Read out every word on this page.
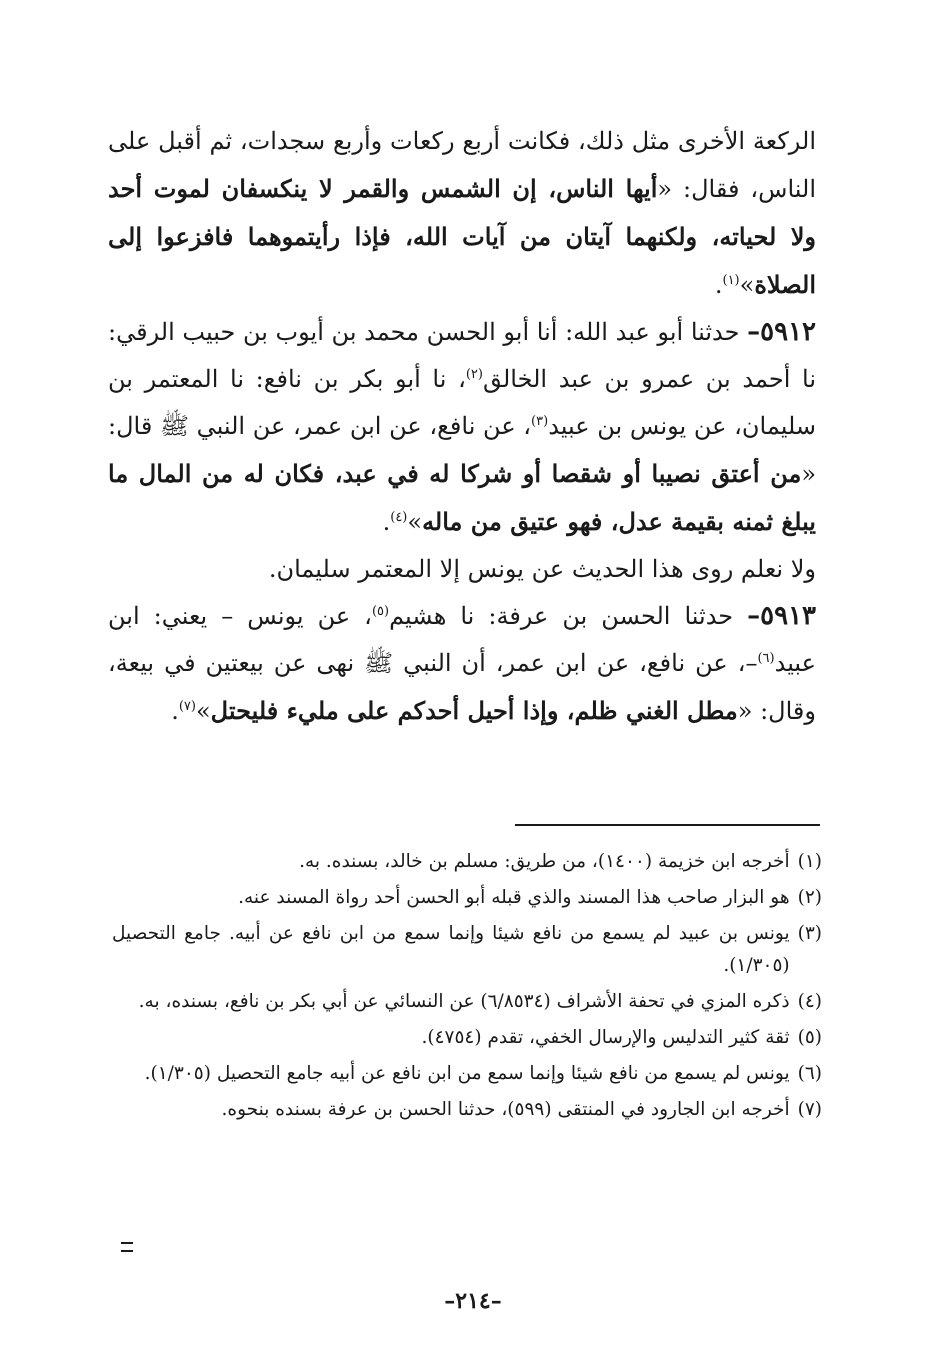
الركعة الأخرى مثل ذلك، فكانت أربع ركعات وأربع سجدات، ثم أقبل على الناس، فقال: «أيها الناس، إن الشمس والقمر لا ينكسفان لموت أحد ولا لحياته، ولكنهما آيتان من آيات الله، فإذا رأيتموهما فافزعوا إلى الصلاة»$^{(١)}$.

٥٩١٢– حدثنا أبو عبد الله: أنا أبو الحسن محمد بن أيوب بن حبيب الرقي: نا أحمد بن عمرو بن عبد الخالق$^{(٢)}$، نا أبو بكر بن نافع: نا المعتمر بن سليمان، عن يونس بن عبيد$^{(٣)}$، عن نافع، عن ابن عمر، عن النبي ﷺ قال: «من أعتق نصيبا أو شقصا أو شركا له في عبد، فكان له من المال ما يبلغ ثمنه بقيمة عدل، فهو عتيق من ماله»$^{(٤)}$.

ولا نعلم روى هذا الحديث عن يونس إلا المعتمر سليمان.

٥٩١٣– حدثنا الحسن بن عرفة: نا هشيم$^{(٥)}$، عن يونس – يعني: ابن عبيد$^{(٦)}$–، عن نافع، عن ابن عمر، أن النبي ﷺ نهى عن بيعتين في بيعة، وقال: «مطل الغني ظلم، وإذا أحيل أحدكم على مليء فليحتل»$^{(٧)}$.

(١)
أخرجه ابن خزيمة (١٤٠٠)، من طريق: مسلم بن خالد، بسنده. به.
(٢)
هو البزار صاحب هذا المسند والذي قبله أبو الحسن أحد رواة المسند عنه.
(٣)
يونس بن عبيد لم يسمع من نافع شيئا وإنما سمع من ابن نافع عن أبيه. جامع التحصيل (١/٣٠٥).
(٤)
ذكره المزي في تحفة الأشراف (٦/٨٥٣٤) عن النسائي عن أبي بكر بن نافع، بسنده، به.
(٥)
ثقة كثير التدليس والإرسال الخفي، تقدم (٤٧٥٤).
(٦)
يونس لم يسمع من نافع شيئا وإنما سمع من ابن نافع عن أبيه جامع التحصيل (١/٣٠٥).
(٧)
أخرجه ابن الجارود في المنتقى (٥٩٩)، حدثنا الحسن بن عرفة بسنده بنحوه.
–٢١٤–
